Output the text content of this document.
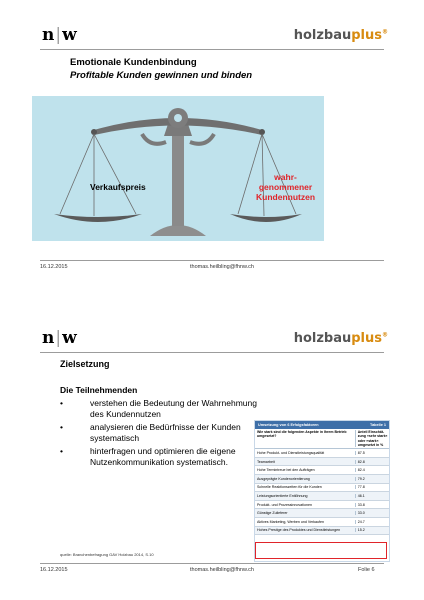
n|w	holzbauplus®
Emotionale Kundenbindung
Profitable Kunden gewinnen und binden
Verkaufspreis
wahr-
genommener
Kundennutzen
16.12.2015	thomas.heilbling@fhnw.ch
n|w	holzbauplus®
Zielsetzung
Die Teilnehmenden
•	verstehen die Bedeutung der Wahrnehmung des Kundennutzen
•	analysieren die Bedürfnisse der Kunden systematisch
•	hinterfragen und optimieren die eigene Nutzenkommunikation systematisch.
Umsetzung von 6 Erfolgsfaktoren	Tabelle 1
Wie stark sind die folgenden Aspekte in Ihrem Betrieb umgesetzt?
Anteil Einschät-zung »sehr stark« oder »stark« umgesetzt in %
Hohe Produkt- und Dienstleistungsqualität	87.5
Teamarbeit	82.8
Hohe Termintreue bei den Aufträgen	82.4
Ausgeprägte Kundenorientierung	79.2
Schnelle Reaktionszeiten für die Kunden	77.8
Leistungsorientierte Entlöhnung	46.1
Produkt- und Prozessinnovationen	33.8
Günstige Zulieferer	33.0
Aktives Marketing, Werben und Verkaufen	24.7
Hohes Prestige des Produktes und Dienstleistungen	15.2
quelle: Branchenbefragung GAV Holzbau 2014, S.10
16.12.2015	thomas.heilbling@fhnw.ch	Folie 6
